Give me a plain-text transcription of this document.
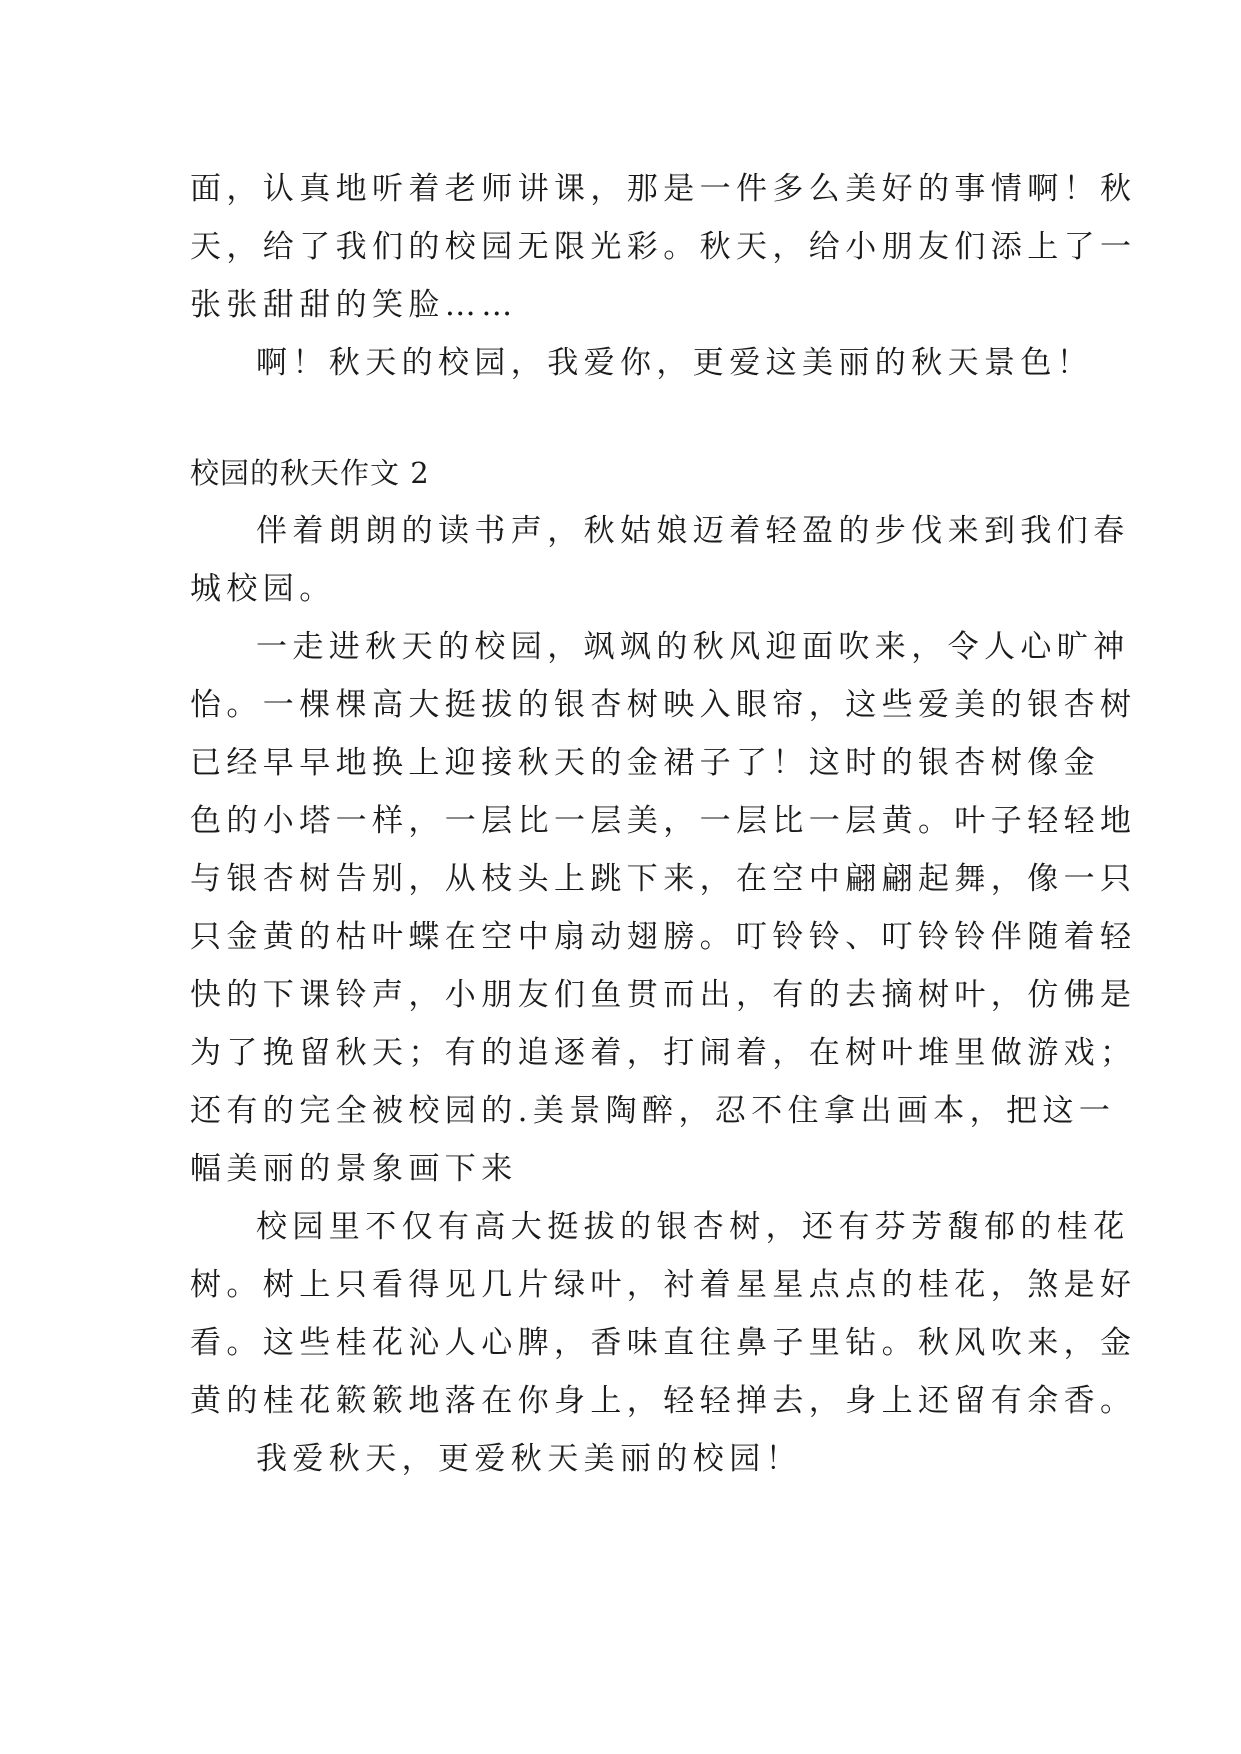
面，认真地听着老师讲课，那是一件多么美好的事情啊！秋
天，给了我们的校园无限光彩。秋天，给小朋友们添上了一
张张甜甜的笑脸……
啊！秋天的校园，我爱你，更爱这美丽的秋天景色！
校园的秋天作文 2
伴着朗朗的读书声，秋姑娘迈着轻盈的步伐来到我们春
城校园。
一走进秋天的校园，飒飒的秋风迎面吹来，令人心旷神
怡。一棵棵高大挺拔的银杏树映入眼帘，这些爱美的银杏树
已经早早地换上迎接秋天的金裙子了！这时的银杏树像金
色的小塔一样，一层比一层美，一层比一层黄。叶子轻轻地
与银杏树告别，从枝头上跳下来，在空中翩翩起舞，像一只
只金黄的枯叶蝶在空中扇动翅膀。叮铃铃、叮铃铃伴随着轻
快的下课铃声，小朋友们鱼贯而出，有的去摘树叶，仿佛是
为了挽留秋天；有的追逐着，打闹着，在树叶堆里做游戏；
还有的完全被校园的.美景陶醉，忍不住拿出画本，把这一
幅美丽的景象画下来
校园里不仅有高大挺拔的银杏树，还有芬芳馥郁的桂花
树。树上只看得见几片绿叶，衬着星星点点的桂花，煞是好
看。这些桂花沁人心脾，香味直往鼻子里钻。秋风吹来，金
黄的桂花簌簌地落在你身上，轻轻掸去，身上还留有余香。
我爱秋天，更爱秋天美丽的校园！
